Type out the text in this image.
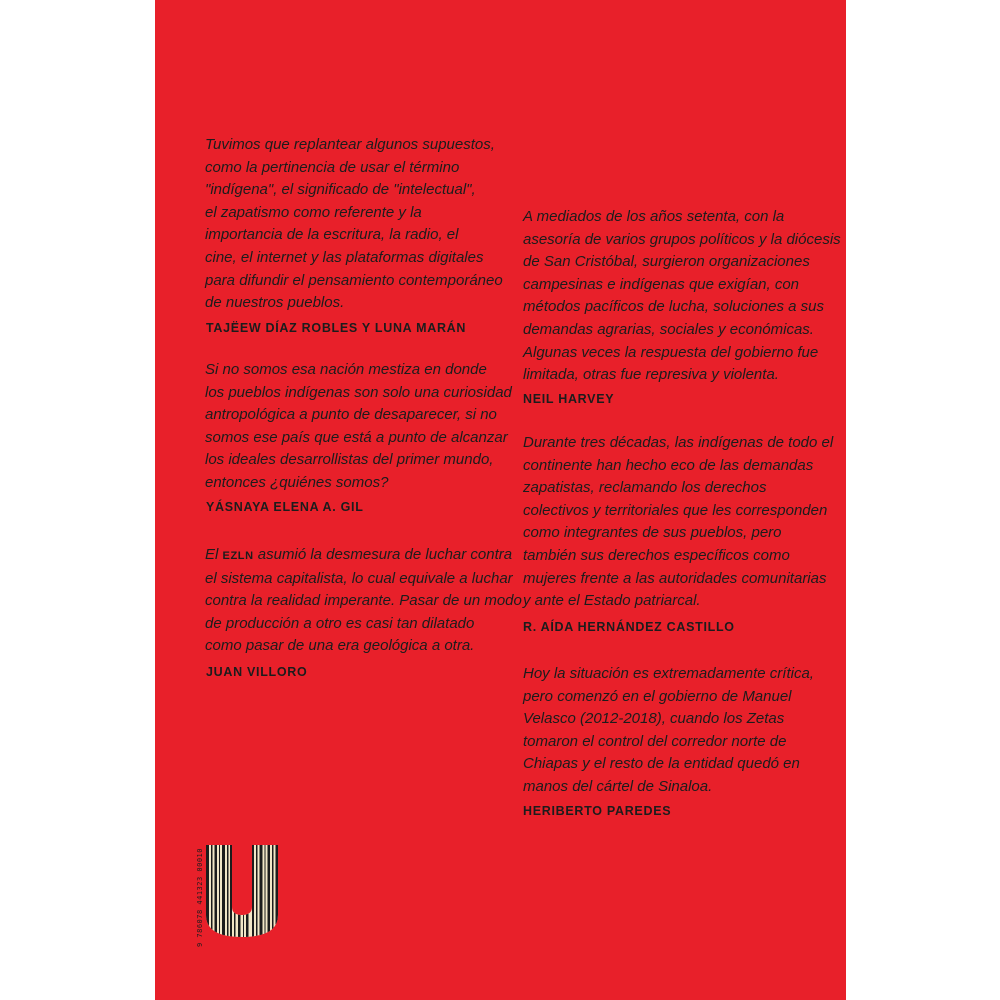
Tuvimos que replantear algunos supuestos,
como la pertinencia de usar el término
"indígena", el significado de "intelectual",
el zapatismo como referente y la
importancia de la escritura, la radio, el
cine, el internet y las plataformas digitales
para difundir el pensamiento contemporáneo
de nuestros pueblos.
TAJËEW DÍAZ ROBLES Y LUNA MARÁN
Si no somos esa nación mestiza en donde
los pueblos indígenas son solo una curiosidad
antropológica a punto de desaparecer, si no
somos ese país que está a punto de alcanzar
los ideales desarrollistas del primer mundo,
entonces ¿quiénes somos?
YÁSNAYA ELENA A. GIL
El EZLN asumió la desmesura de luchar contra
el sistema capitalista, lo cual equivale a luchar
contra la realidad imperante. Pasar de un modo
de producción a otro es casi tan dilatado
como pasar de una era geológica a otra.
JUAN VILLORO
A mediados de los años setenta, con la
asesoría de varios grupos políticos y la diócesis
de San Cristóbal, surgieron organizaciones
campesinas e indígenas que exigían, con
métodos pacíficos de lucha, soluciones a sus
demandas agrarias, sociales y económicas.
Algunas veces la respuesta del gobierno fue
limitada, otras fue represiva y violenta.
NEIL HARVEY
Durante tres décadas, las indígenas de todo el
continente han hecho eco de las demandas
zapatistas, reclamando los derechos
colectivos y territoriales que les corresponden
como integrantes de sus pueblos, pero
también sus derechos específicos como
mujeres frente a las autoridades comunitarias
y ante el Estado patriarcal.
R. AÍDA HERNÁNDEZ CASTILLO
Hoy la situación es extremadamente crítica,
pero comenzó en el gobierno de Manuel
Velasco (2012-2018), cuando los Zetas
tomaron el control del corredor norte de
Chiapas y el resto de la entidad quedó en
manos del cártel de Sinaloa.
HERIBERTO PAREDES
9 786078 441323 00010
